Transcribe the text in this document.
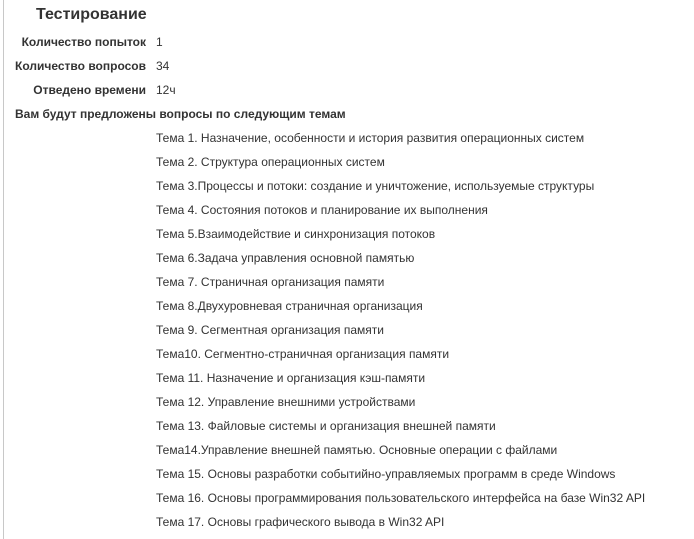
Тестирование
Количество попыток 1
Количество вопросов 34
Отведено времени 12ч
Вам будут предложены вопросы по следующим темам
Тема 1. Назначение, особенности и история развития операционных систем
Тема 2. Структура операционных систем
Тема 3.Процессы и потоки: создание и уничтожение, используемые структуры
Тема 4. Состояния потоков и планирование их выполнения
Тема 5.Взаимодействие и синхронизация потоков
Тема 6.Задача управления основной памятью
Тема 7. Страничная организация памяти
Тема 8.Двухуровневая страничная организация
Тема 9. Сегментная организация памяти
Тема10. Сегментно-страничная организация памяти
Тема 11. Назначение и организация кэш-памяти
Тема 12. Управление внешними устройствами
Тема 13. Файловые системы и организация внешней памяти
Тема14.Управление внешней памятью. Основные операции с файлами
Тема 15. Основы разработки событийно-управляемых программ в среде Windows
Тема 16. Основы программирования пользовательского интерфейса на базе Win32 API
Тема 17. Основы графического вывода в Win32 API
